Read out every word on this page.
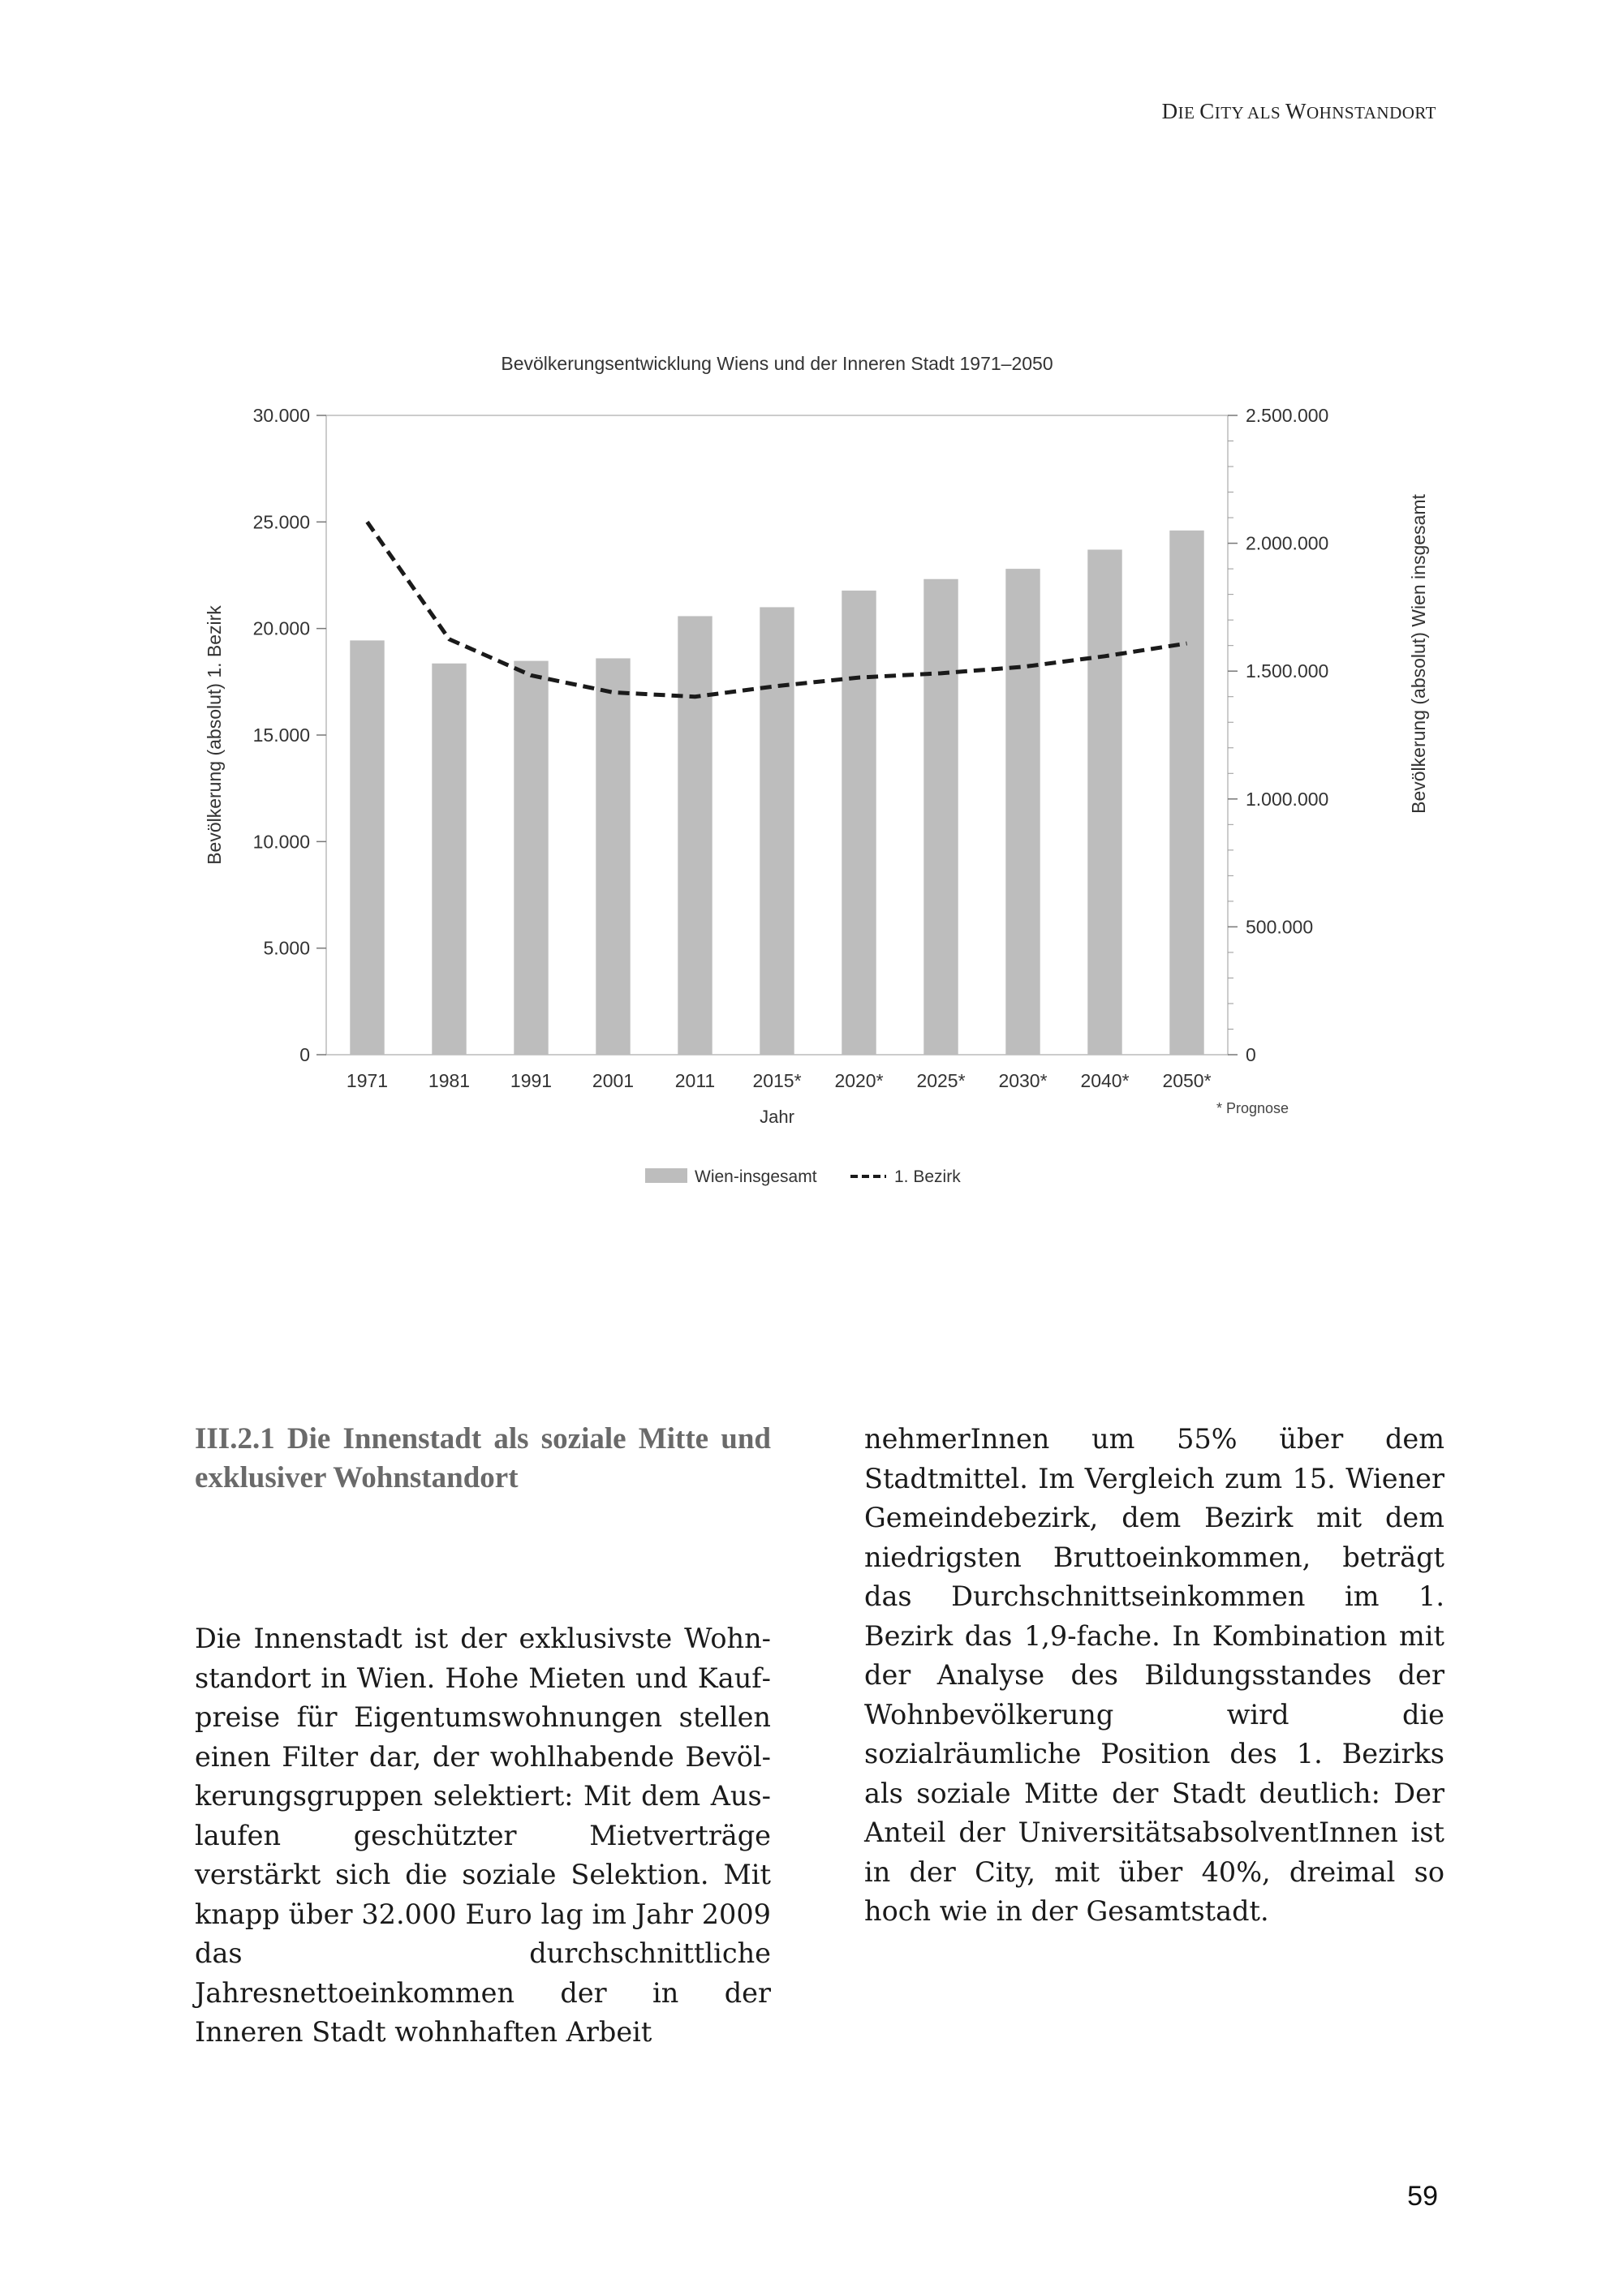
DIE CITY ALS WOHNSTANDORT
Bevölkerungsentwicklung Wiens und der Inneren Stadt 1971–2050
0
5.000
10.000
15.000
20.000
25.000
30.000
0
500.000
1.000.000
1.500.000
2.000.000
2.500.000
1971 1981 1991 2001 2011 2015* 2020* 2025* 2030* 2040* 2050*
Jahr	* Prognose
Bevölkerung (absolut) 1. Bezirk	Bevölkerung (absolut) Wien insgesamt
Wien-insgesamt	1. Bezirk

III.2.1 Die Innenstadt als soziale Mitte und exklusiver Wohnstandort

Die Innenstadt ist der exklusivste Wohnstandort in Wien. Hohe Mieten und Kaufpreise für Eigentumswohnungen stellen einen Filter dar, der wohlhabende Bevölkerungsgruppen selektiert: Mit dem Auslaufen geschützter Mietverträge verstärkt sich die soziale Selektion. Mit knapp über 32.000 Euro lag im Jahr 2009 das durchschnittliche Jahresnettoeinkommen der in der Inneren Stadt wohnhaften Arbeit

nehmerInnen um 55% über dem Stadtmittel. Im Vergleich zum 15. Wiener Gemeindebezirk, dem Bezirk mit dem niedrigsten Bruttoeinkommen, beträgt das Durchschnittseinkommen im 1. Bezirk das 1,9-fache. In Kombination mit der Analyse des Bildungsstandes der Wohnbevölkerung wird die sozialräumliche Position des 1. Bezirks als soziale Mitte der Stadt deutlich: Der Anteil der UniversitätsabsolventInnen ist in der City, mit über 40%, dreimal so hoch wie in der Gesamtstadt.

59
